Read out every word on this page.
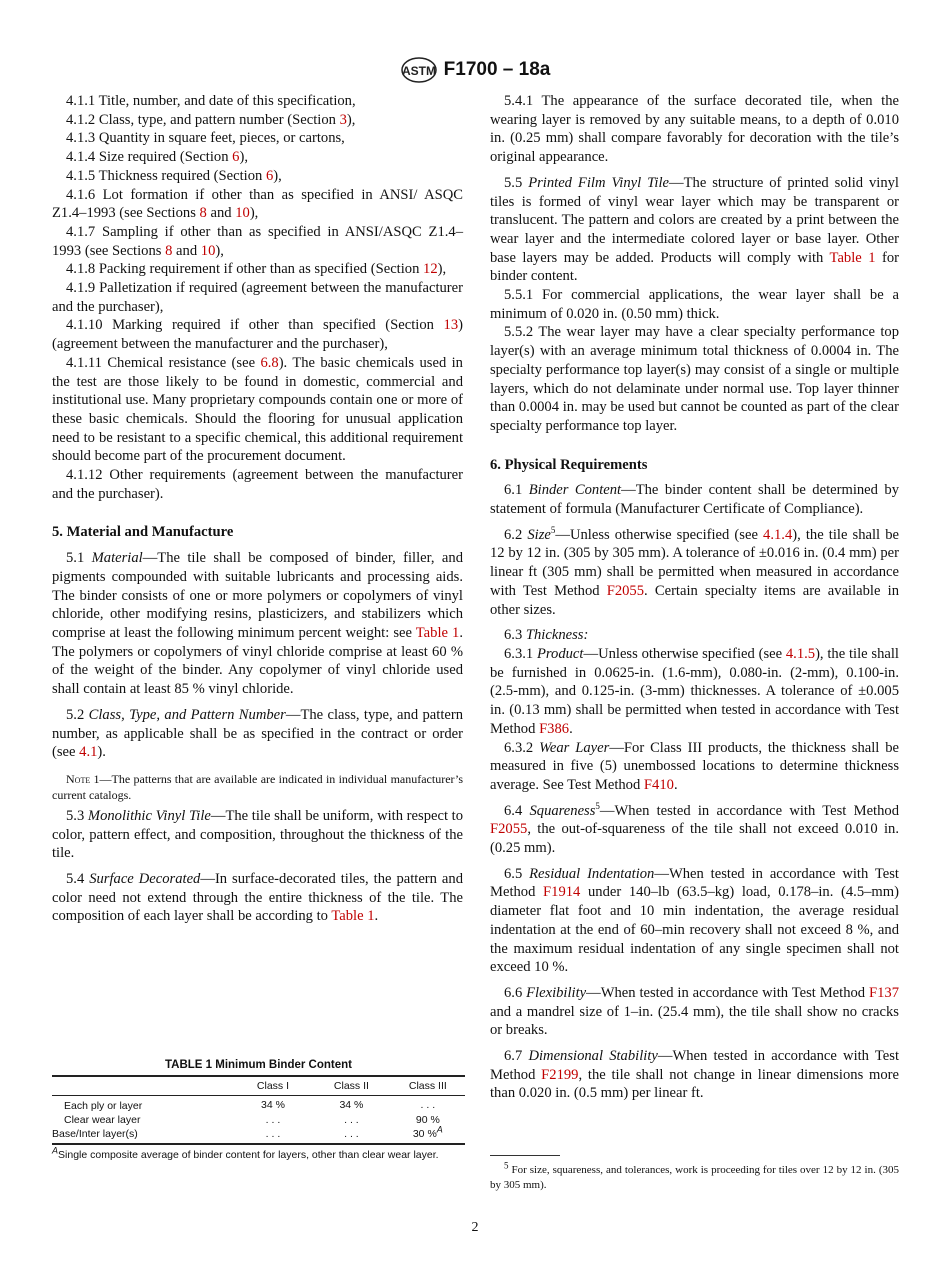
ASTM F1700 – 18a

4.1.1 Title, number, and date of this specification,

4.1.2 Class, type, and pattern number (Section 3),

4.1.3 Quantity in square feet, pieces, or cartons,

4.1.4 Size required (Section 6),

4.1.5 Thickness required (Section 6),

4.1.6 Lot formation if other than as specified in ANSI/ ASQC Z1.4–1993 (see Sections 8 and 10),

4.1.7 Sampling if other than as specified in ANSI/ASQC Z1.4–1993 (see Sections 8 and 10),

4.1.8 Packing requirement if other than as specified (Section 12),

4.1.9 Palletization if required (agreement between the manufacturer and the purchaser),

4.1.10 Marking required if other than specified (Section 13) (agreement between the manufacturer and the purchaser),

4.1.11 Chemical resistance (see 6.8). The basic chemicals used in the test are those likely to be found in domestic, commercial and institutional use. Many proprietary compounds contain one or more of these basic chemicals. Should the flooring for unusual application need to be resistant to a specific chemical, this additional requirement should become part of the procurement document.

4.1.12 Other requirements (agreement between the manufacturer and the purchaser).

5. Material and Manufacture

5.1 Material—The tile shall be composed of binder, filler, and pigments compounded with suitable lubricants and processing aids. The binder consists of one or more polymers or copolymers of vinyl chloride, other modifying resins, plasticizers, and stabilizers which comprise at least the following minimum percent weight: see Table 1. The polymers or copolymers of vinyl chloride comprise at least 60 % of the weight of the binder. Any copolymer of vinyl chloride used shall contain at least 85 % vinyl chloride.

5.2 Class, Type, and Pattern Number—The class, type, and pattern number, as applicable shall be as specified in the contract or order (see 4.1).

Note 1—The patterns that are available are indicated in individual manufacturer’s current catalogs.

5.3 Monolithic Vinyl Tile—The tile shall be uniform, with respect to color, pattern effect, and composition, throughout the thickness of the tile.

5.4 Surface Decorated—In surface-decorated tiles, the pattern and color need not extend through the entire thickness of the tile. The composition of each layer shall be according to Table 1.

5.4.1 The appearance of the surface decorated tile, when the wearing layer is removed by any suitable means, to a depth of 0.010 in. (0.25 mm) shall compare favorably for decoration with the tile’s original appearance.

5.5 Printed Film Vinyl Tile—The structure of printed solid vinyl tiles is formed of vinyl wear layer which may be transparent or translucent. The pattern and colors are created by a print between the wear layer and the intermediate colored layer or base layer. Other base layers may be added. Products will comply with Table 1 for binder content.

5.5.1 For commercial applications, the wear layer shall be a minimum of 0.020 in. (0.50 mm) thick.

5.5.2 The wear layer may have a clear specialty performance top layer(s) with an average minimum total thickness of 0.0004 in. The specialty performance top layer(s) may consist of a single or multiple layers, which do not delaminate under normal use. Top layer thinner than 0.0004 in. may be used but cannot be counted as part of the clear specialty performance top layer.

6. Physical Requirements

6.1 Binder Content—The binder content shall be determined by statement of formula (Manufacturer Certificate of Compliance).

6.2 Size$^5$—Unless otherwise specified (see 4.1.4), the tile shall be 12 by 12 in. (305 by 305 mm). A tolerance of ±0.016 in. (0.4 mm) per linear ft (305 mm) shall be permitted when measured in accordance with Test Method F2055. Certain specialty items are available in other sizes.

6.3 Thickness:

6.3.1 Product—Unless otherwise specified (see 4.1.5), the tile shall be furnished in 0.0625-in. (1.6-mm), 0.080-in. (2-mm), 0.100-in. (2.5-mm), and 0.125-in. (3-mm) thicknesses. A tolerance of ±0.005 in. (0.13 mm) shall be permitted when tested in accordance with Test Method F386.

6.3.2 Wear Layer—For Class III products, the thickness shall be measured in five (5) unembossed locations to determine thickness average. See Test Method F410.

6.4 Squareness$^5$—When tested in accordance with Test Method F2055, the out-of-squareness of the tile shall not exceed 0.010 in. (0.25 mm).

6.5 Residual Indentation—When tested in accordance with Test Method F1914 under 140–lb (63.5–kg) load, 0.178–in. (4.5–mm) diameter flat foot and 10 min indentation, the average residual indentation at the end of 60–min recovery shall not exceed 8 %, and the maximum residual indentation of any single specimen shall not exceed 10 %.

6.6 Flexibility—When tested in accordance with Test Method F137 and a mandrel size of 1–in. (25.4 mm), the tile shall show no cracks or breaks.

6.7 Dimensional Stability—When tested in accordance with Test Method F2199, the tile shall not change in linear dimensions more than 0.020 in. (0.5 mm) per linear ft.

TABLE 1 Minimum Binder Content
	Class I	Class II	Class III
Each ply or layer	34 %	34 %	. . .
Clear wear layer	. . .	. . .	90 %
Base/Inter layer(s)	. . .	. . .	30 %$^A$
$^A$Single composite average of binder content for layers, other than clear wear layer.
$^5$ For size, squareness, and tolerances, work is proceeding for tiles over 12 by 12 in. (305 by 305 mm).
2
